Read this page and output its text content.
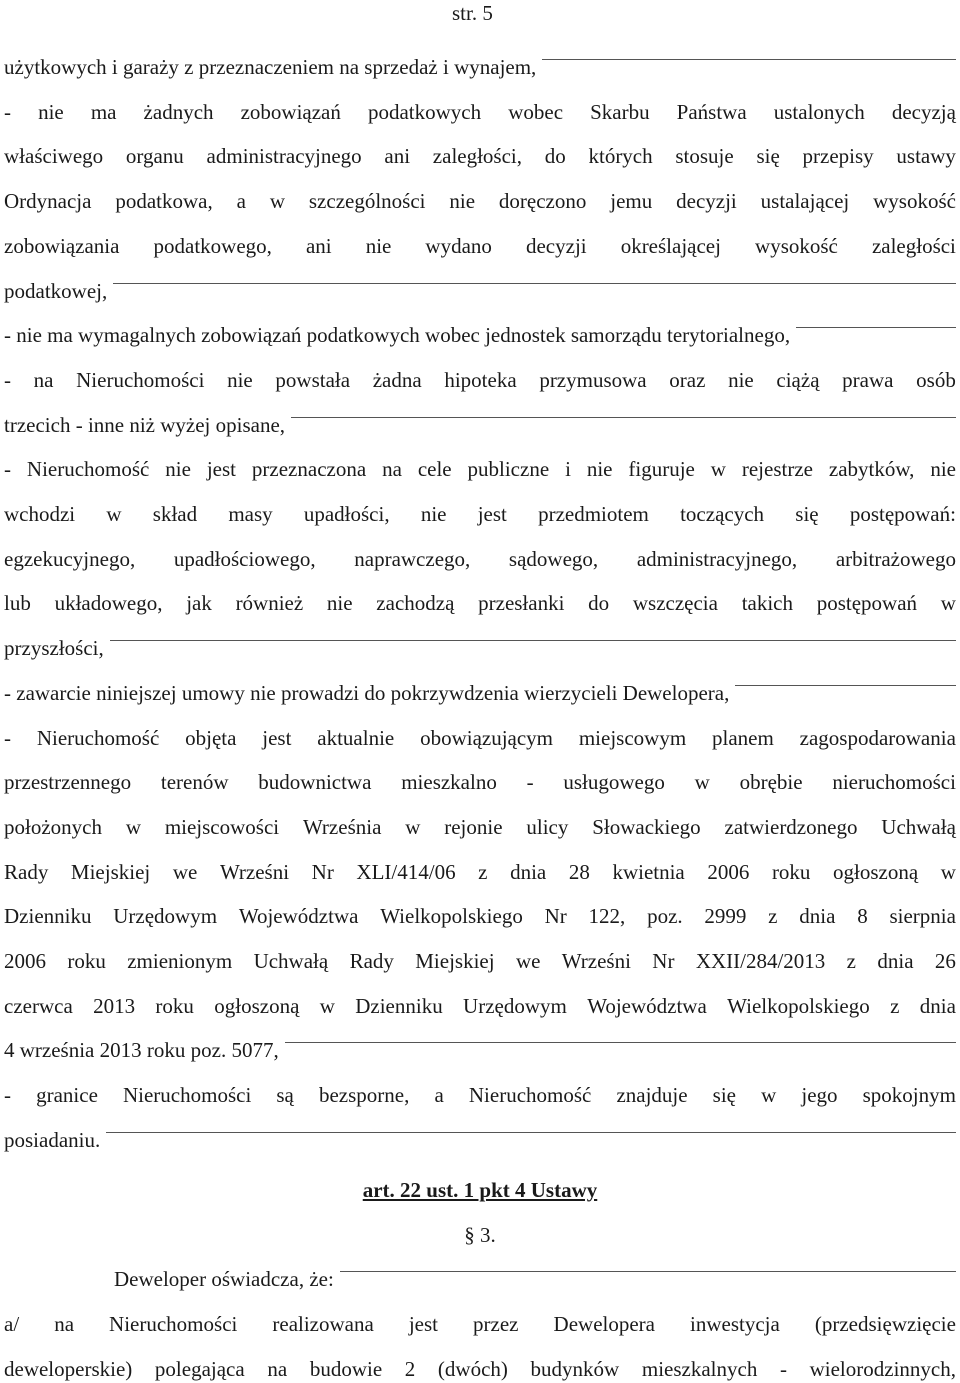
str. 5
użytkowych i garaży z przeznaczeniem na sprzedaż i wynajem,
- nie ma żadnych zobowiązań podatkowych wobec Skarbu Państwa ustalonych decyzją
właściwego organu administracyjnego ani zaległości, do których stosuje się przepisy ustawy
Ordynacja podatkowa, a w szczególności nie doręczono jemu decyzji ustalającej wysokość
zobowiązania podatkowego, ani nie wydano decyzji określającej wysokość zaległości
podatkowej,
- nie ma wymagalnych zobowiązań podatkowych wobec jednostek samorządu terytorialnego,
- na Nieruchomości nie powstała żadna hipoteka przymusowa oraz nie ciążą prawa osób
trzecich - inne niż wyżej opisane,
- Nieruchomość nie jest przeznaczona na cele publiczne i nie figuruje w rejestrze zabytków, nie
wchodzi w skład masy upadłości, nie jest przedmiotem toczących się postępowań:
egzekucyjnego, upadłościowego, naprawczego, sądowego, administracyjnego, arbitrażowego
lub układowego, jak również nie zachodzą przesłanki do wszczęcia takich postępowań w
przyszłości,
- zawarcie niniejszej umowy nie prowadzi do pokrzywdzenia wierzycieli Dewelopera,
- Nieruchomość objęta jest aktualnie obowiązującym miejscowym planem zagospodarowania
przestrzennego terenów budownictwa mieszkalno - usługowego w obrębie nieruchomości
położonych w miejscowości Września w rejonie ulicy Słowackiego zatwierdzonego Uchwałą
Rady Miejskiej we Wrześni Nr XLI/414/06 z dnia 28 kwietnia 2006 roku ogłoszoną w
Dzienniku Urzędowym Województwa Wielkopolskiego Nr 122, poz. 2999 z dnia 8 sierpnia
2006 roku zmienionym Uchwałą Rady Miejskiej we Wrześni Nr XXII/284/2013 z dnia 26
czerwca 2013 roku ogłoszoną w Dzienniku Urzędowym Województwa Wielkopolskiego z dnia
4 września 2013 roku poz. 5077,
- granice Nieruchomości są bezsporne, a Nieruchomość znajduje się w jego spokojnym
posiadaniu.
art. 22 ust. 1 pkt 4 Ustawy
§ 3.
Deweloper oświadcza, że:
a/ na Nieruchomości realizowana jest przez Dewelopera inwestycja (przedsięwzięcie
deweloperskie) polegająca na budowie 2 (dwóch) budynków mieszkalnych - wielorodzinnych,
